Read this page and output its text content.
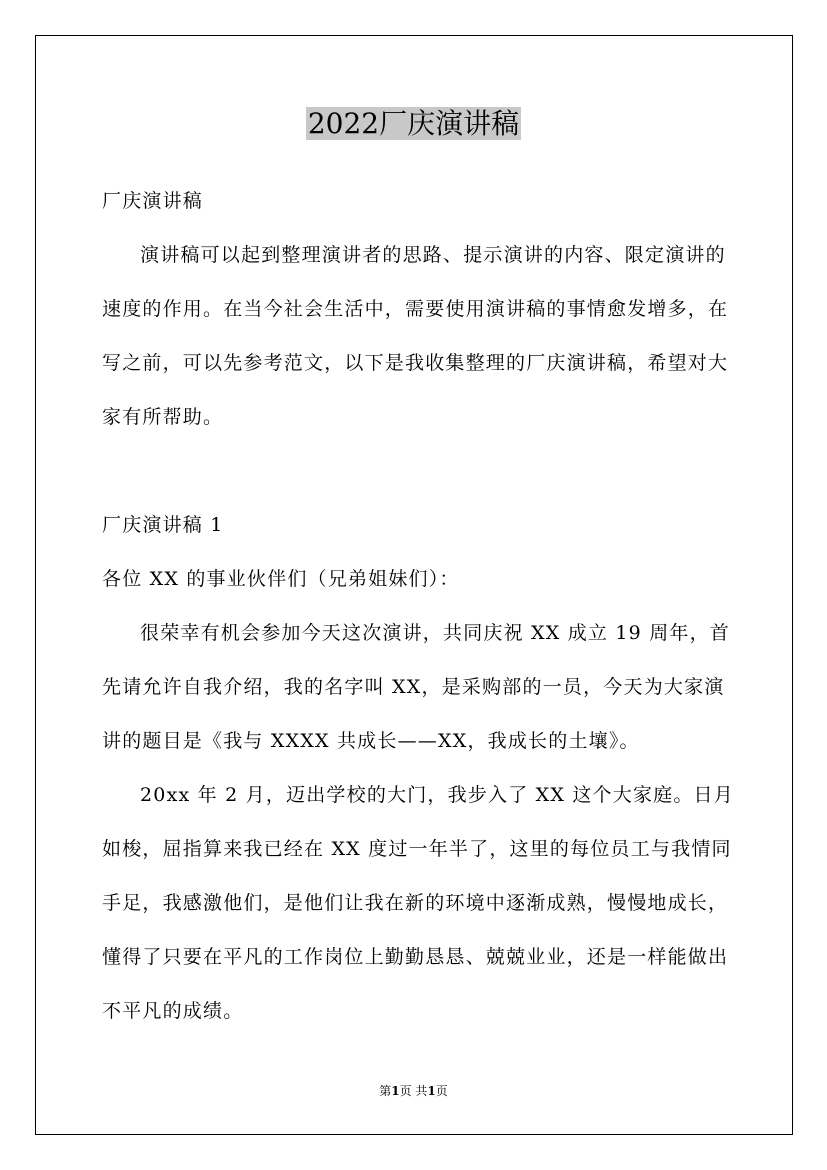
2022厂庆演讲稿

厂庆演讲稿

演讲稿可以起到整理演讲者的思路、提示演讲的内容、限定演讲的速度的作用。在当今社会生活中，需要使用演讲稿的事情愈发增多，在写之前，可以先参考范文，以下是我收集整理的厂庆演讲稿，希望对大家有所帮助。

厂庆演讲稿 1

各位 XX 的事业伙伴们（兄弟姐妹们）：

很荣幸有机会参加今天这次演讲，共同庆祝 XX 成立 19 周年，首先请允许自我介绍，我的名字叫 XX，是采购部的一员，今天为大家演讲的题目是《我与 XXXX 共成长——XX，我成长的土壤》。

20xx 年 2 月，迈出学校的大门，我步入了 XX 这个大家庭。日月如梭，屈指算来我已经在 XX 度过一年半了，这里的每位员工与我情同手足，我感激他们，是他们让我在新的环境中逐渐成熟，慢慢地成长，懂得了只要在平凡的工作岗位上勤勤恳恳、兢兢业业，还是一样能做出不平凡的成绩。

第1页 共1页
